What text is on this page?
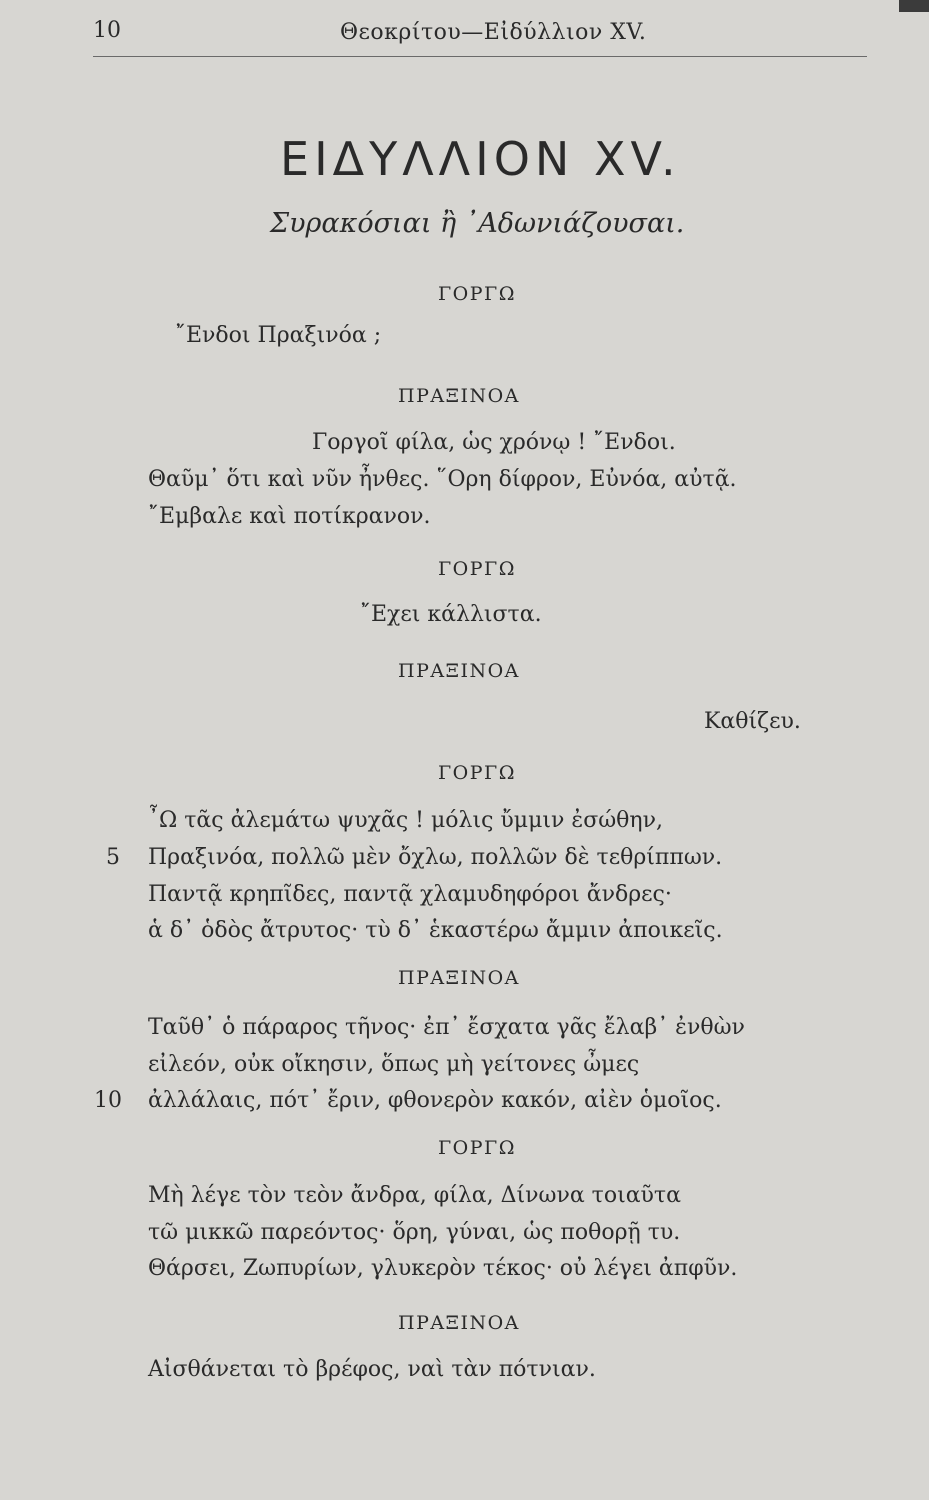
10	Θεοκρίτου—Εἰδύλλιον XV.
ΕΙΔΥΛΛΙΟΝ XV.
Συρακόσιαι ἢ ᾿Αδωνιάζουσαι.
ΓΟΡΓΩ
῎Ενδοι Πραξινόα ;
ΠΡΑΞΙΝΟΑ
Γοργοῖ φίλα, ὡς χρόνῳ ! ῎Ενδοι.
Θαῦμ᾽ ὅτι καὶ νῦν ἦνθες. ῞Ορη δίφρον, Εὐνόα, αὐτᾷ.
῎Εμβαλε καὶ ποτίκρανον.
ΓΟΡΓΩ
῎Εχει κάλλιστα.
ΠΡΑΞΙΝΟΑ
Καθίζευ.
ΓΟΡΓΩ
῏Ω τᾶς ἀλεμάτω ψυχᾶς ! μόλις ὔμμιν ἐσώθην,
5 Πραξινόα, πολλῶ μὲν ὄχλω, πολλῶν δὲ τεθρίππων.
Παντᾷ κρηπῖδες, παντᾷ χλαμυδηφόροι ἄνδρες·
ἁ δ᾽ ὁδὸς ἄτρυτος· τὺ δ᾽ ἑκαστέρω ἄμμιν ἀποικεῖς.
ΠΡΑΞΙΝΟΑ
Ταῦθ᾽ ὁ πάραρος τῆνος· ἐπ᾽ ἔσχατα γᾶς ἔλαβ᾽ ἐνθὼν
εἰλεόν, οὐκ οἴκησιν, ὅπως μὴ γείτονες ὦμες
10 ἀλλάλαις, πότ᾽ ἔριν, φθονερὸν κακόν, αἰὲν ὁμοῖος.
ΓΟΡΓΩ
Μὴ λέγε τὸν τεὸν ἄνδρα, φίλα, Δίνωνα τοιαῦτα
τῶ μικκῶ παρεόντος· ὅρη, γύναι, ὡς ποθορῇ τυ.
Θάρσει, Ζωπυρίων, γλυκερὸν τέκος· οὐ λέγει ἀπφῦν.
ΠΡΑΞΙΝΟΑ
Αἰσθάνεται τὸ βρέφος, ναὶ τὰν πότνιαν.
